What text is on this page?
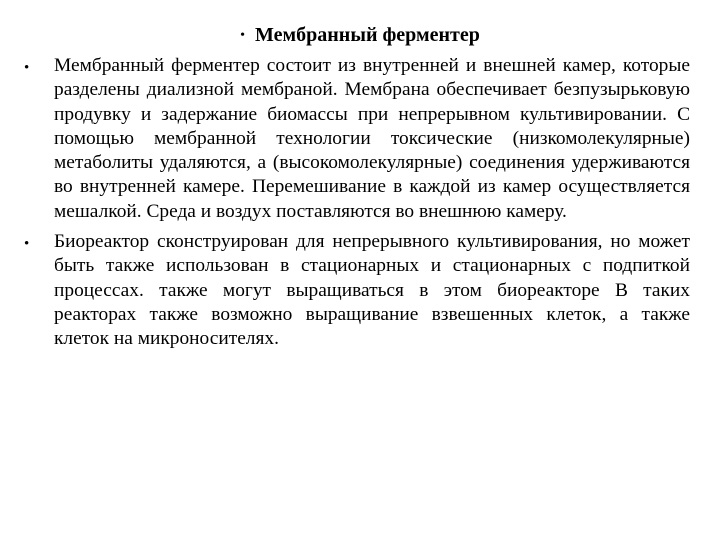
• Мембранный ферментер
• Мембранный ферментер состоит из внутренней и внешней камер, которые разделены диализной мембраной. Мембрана обеспечивает безпузырьковую продувку и задержание биомассы при непрерывном культивировании. С помощью мембранной технологии токсические (низкомолекулярные) метаболиты удаляются, а (высокомолекулярные) соединения удерживаются во внутренней камере. Перемешивание в каждой из камер осуществляется мешалкой. Среда и воздух поставляются во внешнюю камеру.
• Биореактор сконструирован для непрерывного культивирования, но может быть также использован в стационарных и стационарных с подпиткой процессах. также могут выращиваться в этом биореакторе В таких реакторах также возможно выращивание взвешенных клеток, а также клеток на микроносителях.
